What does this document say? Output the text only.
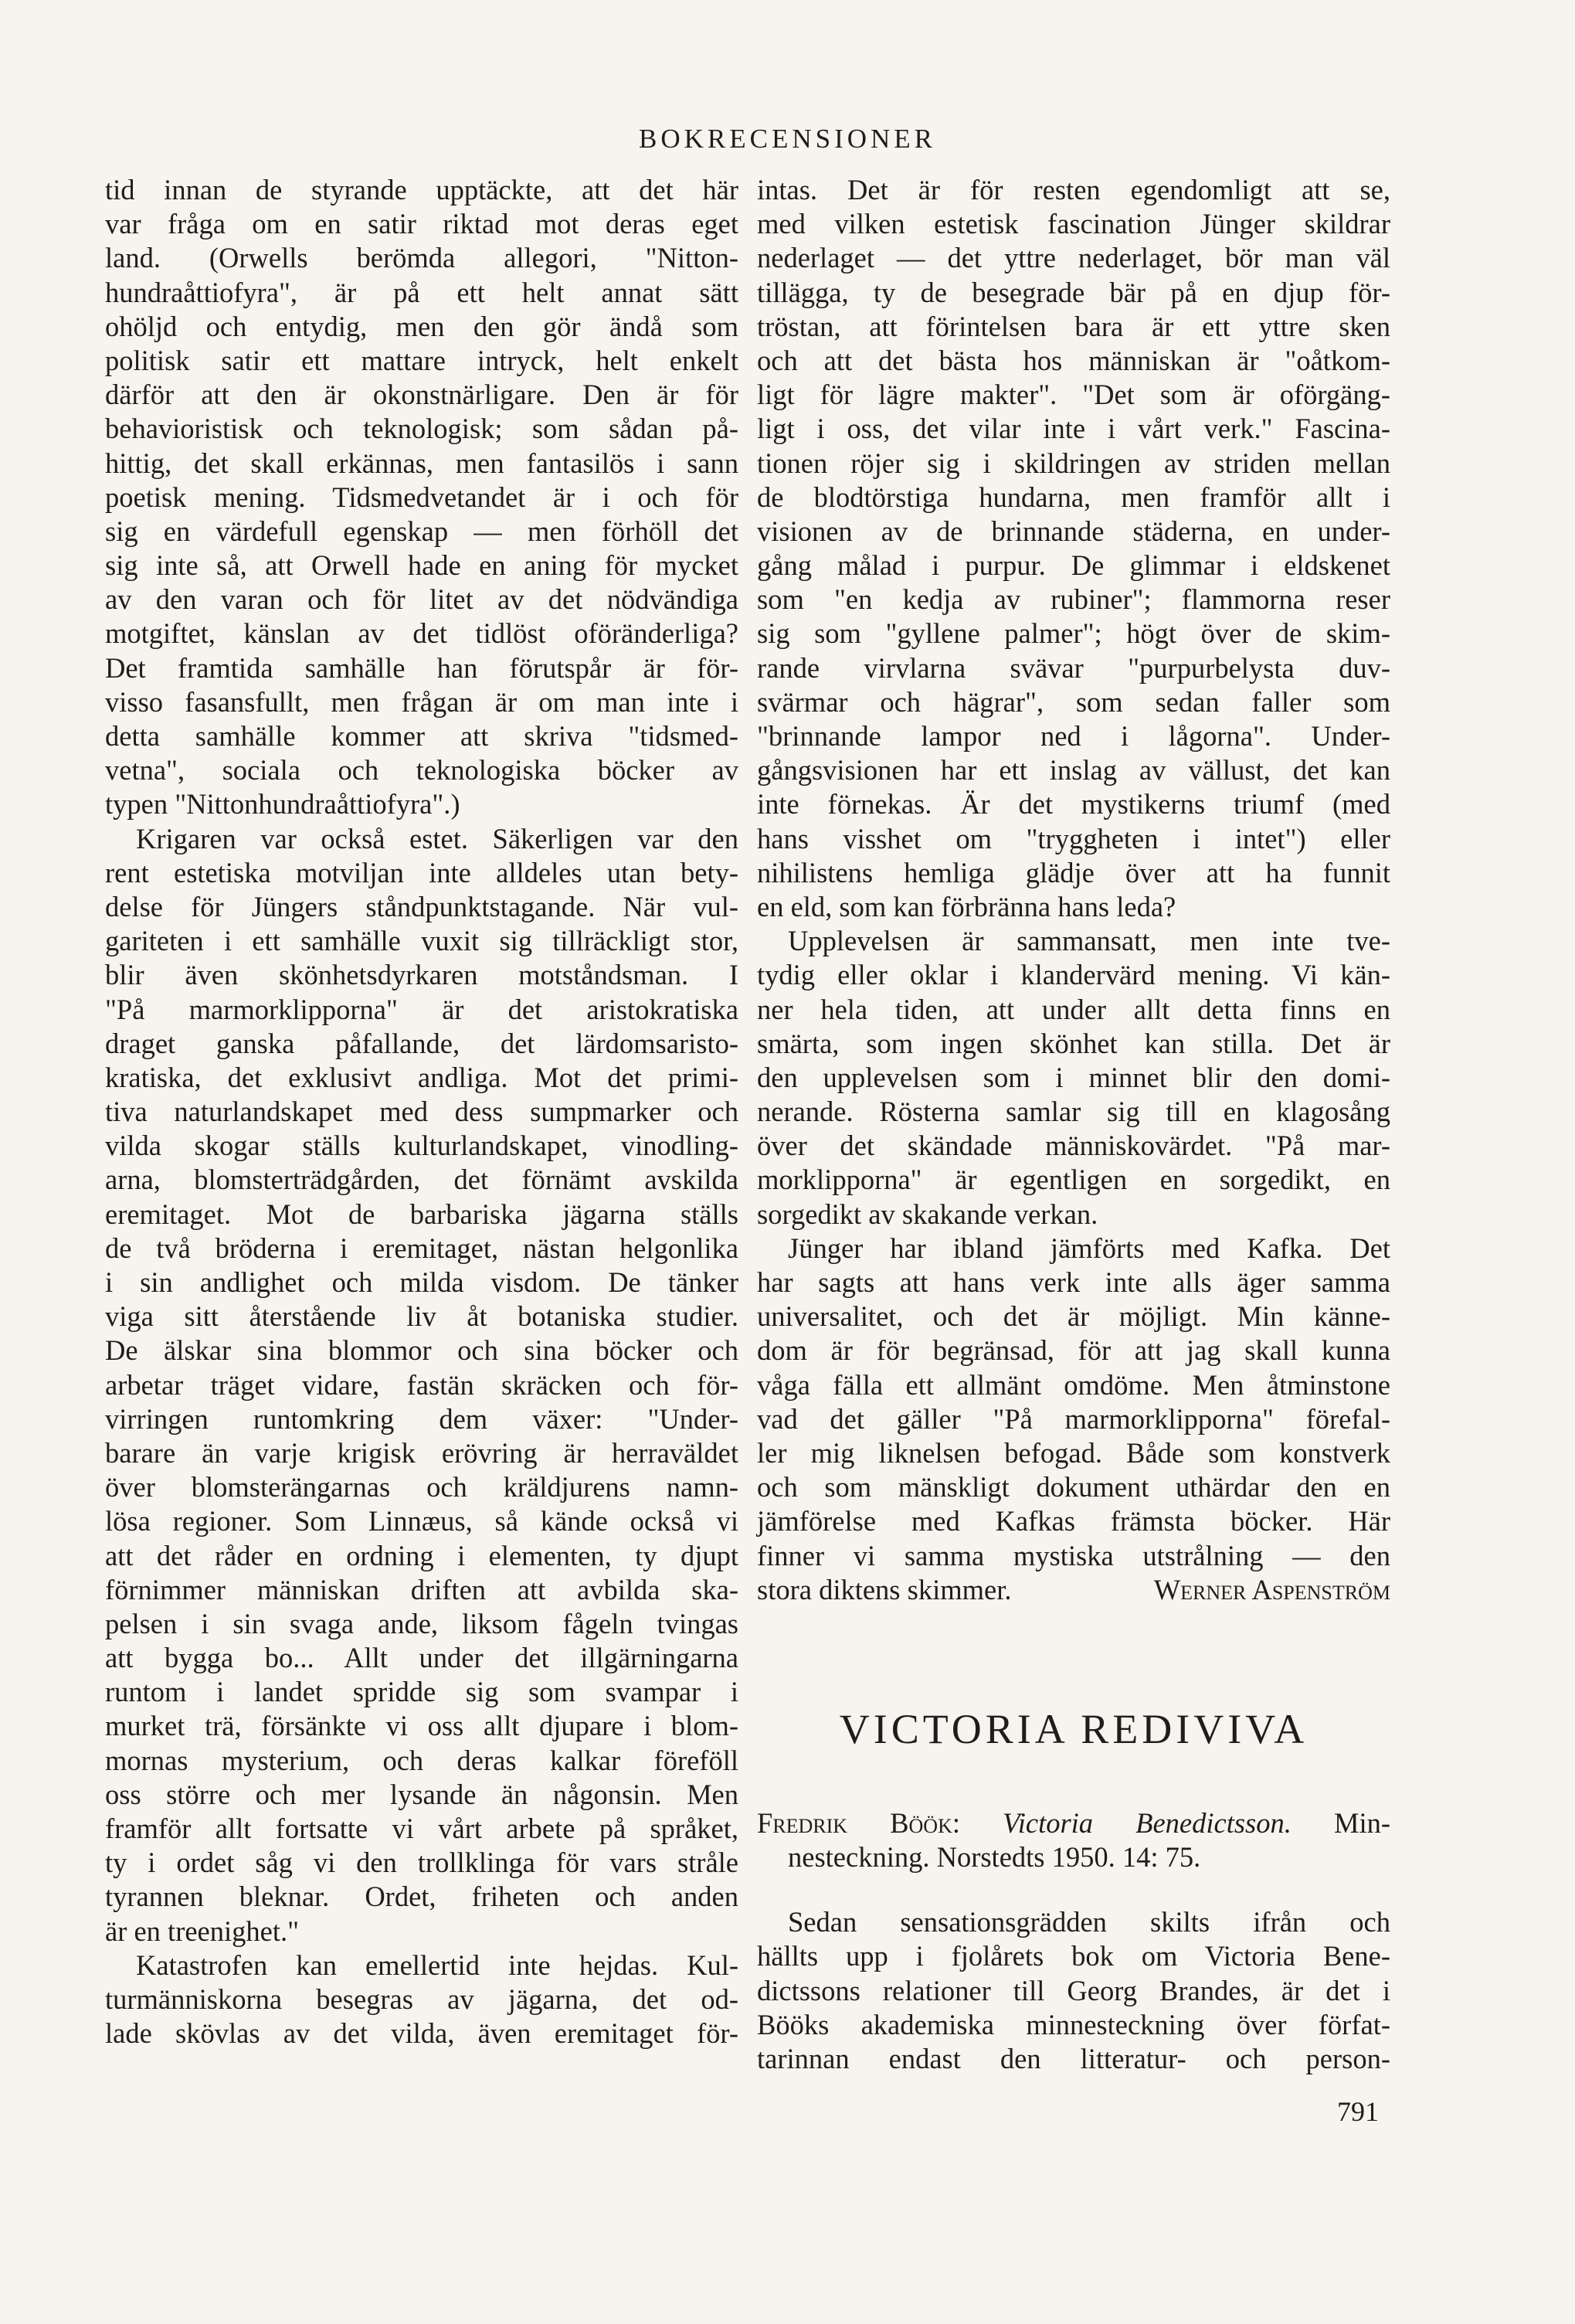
BOKRECENSIONER
tid innan de styrande upptäckte, att det här
var fråga om en satir riktad mot deras eget
land. (Orwells berömda allegori, "Nitton-
hundraåttiofyra", är på ett helt annat sätt
ohöljd och entydig, men den gör ändå som
politisk satir ett mattare intryck, helt enkelt
därför att den är okonstnärligare. Den är för
behavioristisk och teknologisk; som sådan på-
hittig, det skall erkännas, men fantasilös i sann
poetisk mening. Tidsmedvetandet är i och för
sig en värdefull egenskap — men förhöll det
sig inte så, att Orwell hade en aning för mycket
av den varan och för litet av det nödvändiga
motgiftet, känslan av det tidlöst oföränderliga?
Det framtida samhälle han förutspår är för-
visso fasansfullt, men frågan är om man inte i
detta samhälle kommer att skriva "tidsmed-
vetna", sociala och teknologiska böcker av
typen "Nittonhundraåttiofyra".)
Krigaren var också estet. Säkerligen var den
rent estetiska motviljan inte alldeles utan bety-
delse för Jüngers ståndpunktstagande. När vul-
gariteten i ett samhälle vuxit sig tillräckligt stor,
blir även skönhetsdyrkaren motståndsman. I
"På marmorklipporna" är det aristokratiska
draget ganska påfallande, det lärdomsaristo-
kratiska, det exklusivt andliga. Mot det primi-
tiva naturlandskapet med dess sumpmarker och
vilda skogar ställs kulturlandskapet, vinodling-
arna, blomsterträdgården, det förnämt avskilda
eremitaget. Mot de barbariska jägarna ställs
de två bröderna i eremitaget, nästan helgonlika
i sin andlighet och milda visdom. De tänker
viga sitt återstående liv åt botaniska studier.
De älskar sina blommor och sina böcker och
arbetar träget vidare, fastän skräcken och för-
virringen runtomkring dem växer: "Under-
barare än varje krigisk erövring är herraväldet
över blomsterängarnas och kräldjurens namn-
lösa regioner. Som Linnæus, så kände också vi
att det råder en ordning i elementen, ty djupt
förnimmer människan driften att avbilda ska-
pelsen i sin svaga ande, liksom fågeln tvingas
att bygga bo... Allt under det illgärningarna
runtom i landet spridde sig som svampar i
murket trä, försänkte vi oss allt djupare i blom-
mornas mysterium, och deras kalkar föreföll
oss större och mer lysande än någonsin. Men
framför allt fortsatte vi vårt arbete på språket,
ty i ordet såg vi den trollklinga för vars stråle
tyrannen bleknar. Ordet, friheten och anden
är en treenighet."
Katastrofen kan emellertid inte hejdas. Kul-
turmänniskorna besegras av jägarna, det od-
lade skövlas av det vilda, även eremitaget för-
intas. Det är för resten egendomligt att se,
med vilken estetisk fascination Jünger skildrar
nederlaget — det yttre nederlaget, bör man väl
tillägga, ty de besegrade bär på en djup för-
tröstan, att förintelsen bara är ett yttre sken
och att det bästa hos människan är "oåtkom-
ligt för lägre makter". "Det som är oförgäng-
ligt i oss, det vilar inte i vårt verk." Fascina-
tionen röjer sig i skildringen av striden mellan
de blodtörstiga hundarna, men framför allt i
visionen av de brinnande städerna, en under-
gång målad i purpur. De glimmar i eldskenet
som "en kedja av rubiner"; flammorna reser
sig som "gyllene palmer"; högt över de skim-
rande virvlarna svävar "purpurbelysta duv-
svärmar och hägrar", som sedan faller som
"brinnande lampor ned i lågorna". Under-
gångsvisionen har ett inslag av vällust, det kan
inte förnekas. Är det mystikerns triumf (med
hans visshet om "tryggheten i intet") eller
nihilistens hemliga glädje över att ha funnit
en eld, som kan förbränna hans leda?
Upplevelsen är sammansatt, men inte tve-
tydig eller oklar i klandervärd mening. Vi kän-
ner hela tiden, att under allt detta finns en
smärta, som ingen skönhet kan stilla. Det är
den upplevelsen som i minnet blir den domi-
nerande. Rösterna samlar sig till en klagosång
över det skändade människovärdet. "På mar-
morklipporna" är egentligen en sorgedikt, en
sorgedikt av skakande verkan.
Jünger har ibland jämförts med Kafka. Det
har sagts att hans verk inte alls äger samma
universalitet, och det är möjligt. Min känne-
dom är för begränsad, för att jag skall kunna
våga fälla ett allmänt omdöme. Men åtminstone
vad det gäller "På marmorklipporna" förefal-
ler mig liknelsen befogad. Både som konstverk
och som mänskligt dokument uthärdar den en
jämförelse med Kafkas främsta böcker. Här
finner vi samma mystiska utstrålning — den
stora diktens skimmer.	Werner Aspenström
VICTORIA REDIVIVA
Fredrik Böök: Victoria Benedictsson. Min-
nesteckning. Norstedts 1950. 14: 75.
Sedan sensationsgrädden skilts ifrån och
hällts upp i fjolårets bok om Victoria Bene-
dictssons relationer till Georg Brandes, är det i
Bööks akademiska minnesteckning över förfat-
tarinnan endast den litteratur- och person-
791
